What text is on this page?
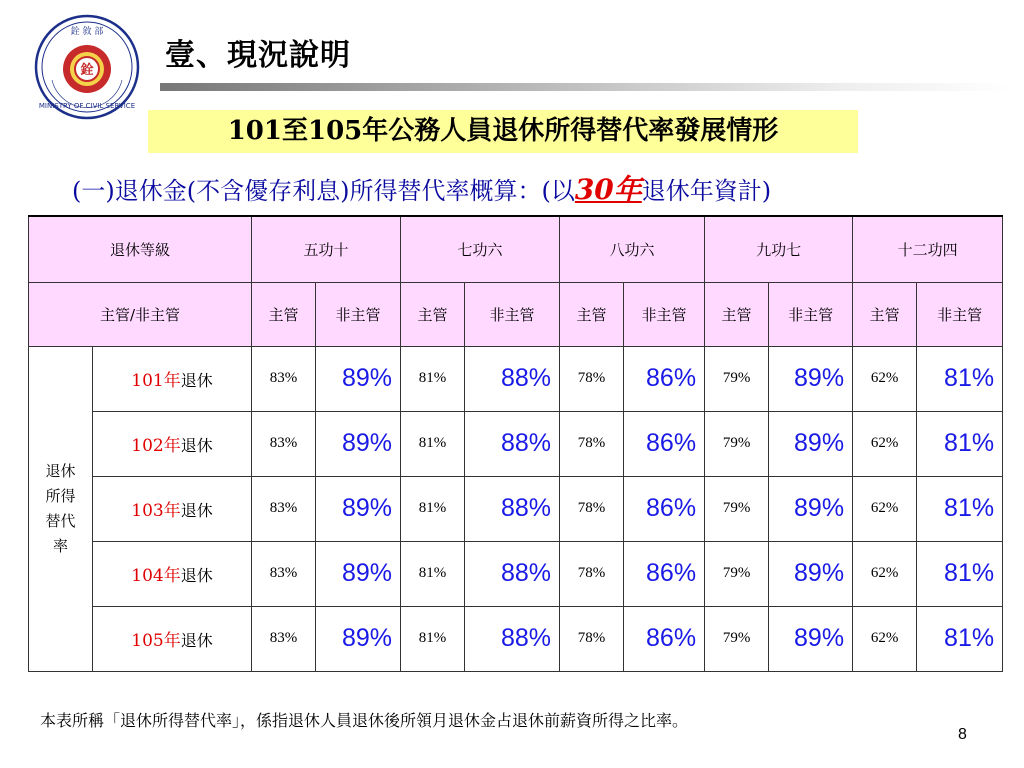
銓
銓 敘 部
MINISTRY OF CIVIL SERVICE
壹、現況說明
101至105年公務人員退休所得替代率發展情形
(一)退休金(不含優存利息)所得替代率概算：(以30年退休年資計)
退休等級		五功十		七功六		八功六		九功七		十二功四	
主管/非主管		主管	非主管	主管	非主管	主管	非主管	主管	非主管	主管	非主管

退休
所得
替代
率	101年退休	83%	89%	81%	88%	78%	86%	79%	89%	62%	81%
	102年退休	83%	89%	81%	88%	78%	86%	79%	89%	62%	81%
	103年退休	83%	89%	81%	88%	78%	86%	79%	89%	62%	81%
	104年退休	83%	89%	81%	88%	78%	86%	79%	89%	62%	81%
	105年退休	83%	89%	81%	88%	78%	86%	79%	89%	62%	81%
本表所稱「退休所得替代率」，係指退休人員退休後所領月退休金占退休前薪資所得之比率。
8
